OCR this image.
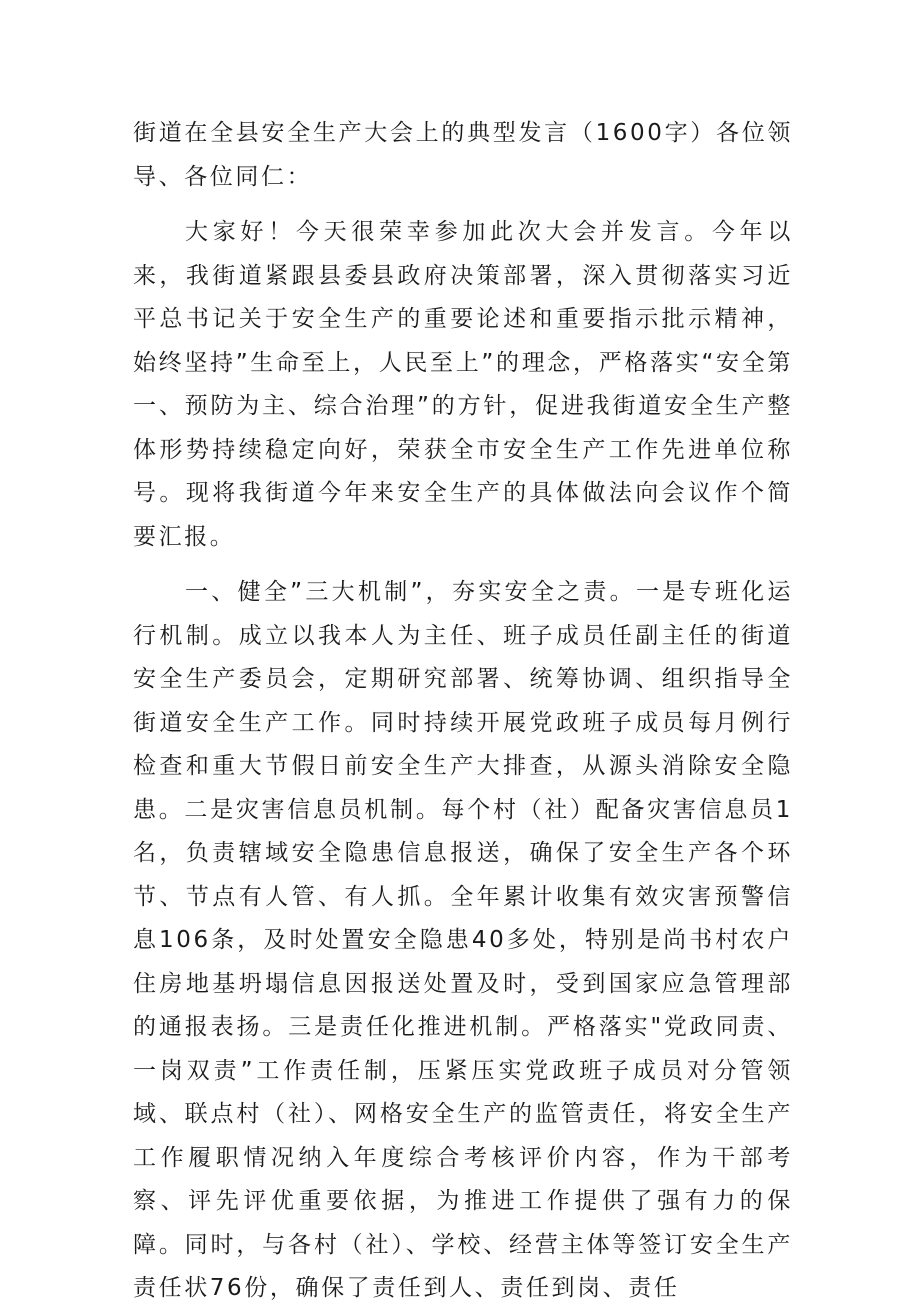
街道在全县安全生产大会上的典型发言（1600字）各位领导、各位同仁：

大家好！今天很荣幸参加此次大会并发言。今年以来，我街道紧跟县委县政府决策部署，深入贯彻落实习近平总书记关于安全生产的重要论述和重要指示批示精神，始终坚持”生命至上，人民至上”的理念，严格落实“安全第一、预防为主、综合治理”的方针，促进我街道安全生产整体形势持续稳定向好，荣获全市安全生产工作先进单位称号。现将我街道今年来安全生产的具体做法向会议作个简要汇报。

一、健全”三大机制”，夯实安全之责。一是专班化运行机制。成立以我本人为主任、班子成员任副主任的街道安全生产委员会，定期研究部署、统筹协调、组织指导全街道安全生产工作。同时持续开展党政班子成员每月例行检查和重大节假日前安全生产大排查，从源头消除安全隐患。二是灾害信息员机制。每个村（社）配备灾害信息员1名，负责辖域安全隐患信息报送，确保了安全生产各个环节、节点有人管、有人抓。全年累计收集有效灾害预警信息106条，及时处置安全隐患40多处，特别是尚书村农户住房地基坍塌信息因报送处置及时，受到国家应急管理部的通报表扬。三是责任化推进机制。严格落实"党政同责、一岗双责”工作责任制，压紧压实党政班子成员对分管领域、联点村（社）、网格安全生产的监管责任，将安全生产工作履职情况纳入年度综合考核评价内容，作为干部考察、评先评优重要依据，为推进工作提供了强有力的保障。同时，与各村（社）、学校、经营主体等签订安全生产责任状76份，确保了责任到人、责任到岗、责任
